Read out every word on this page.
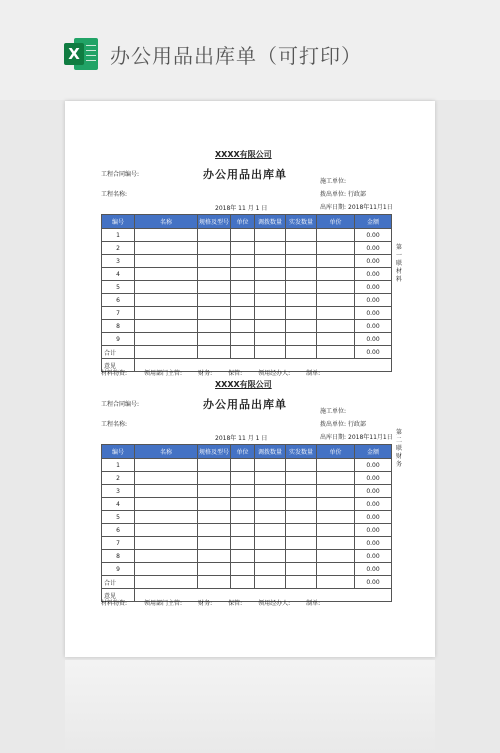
X 办公用品出库单（可打印）
XXXX有限公司
办公用品出库单
工程合同编号:
工程名称:
施工单位:
拨出单位: 行政部
2018年 11 月 1 日	出库日期: 2018年11月1日
编号	名称	规格及型号	单位	调拨数量	实发数量	单价	金额
1							0.00
2							0.00
3							0.00
4							0.00
5							0.00
6							0.00
7							0.00
8							0.00
9							0.00
合计							0.00
意见							
材料物资:	领用部门主管:	财务:	保管:	领用经办人:	制单:
第一联 材料
XXXX有限公司
办公用品出库单
工程合同编号:
工程名称:
施工单位:
拨出单位: 行政部
2018年 11 月 1 日	出库日期: 2018年11月1日
编号	名称	规格及型号	单位	调拨数量	实发数量	单价	金额
1							0.00
2							0.00
3							0.00
4							0.00
5							0.00
6							0.00
7							0.00
8							0.00
9							0.00
合计							0.00
意见							
材料物资:	领用部门主管:	财务:	保管:	领用经办人:	制单:
第二联 财务
